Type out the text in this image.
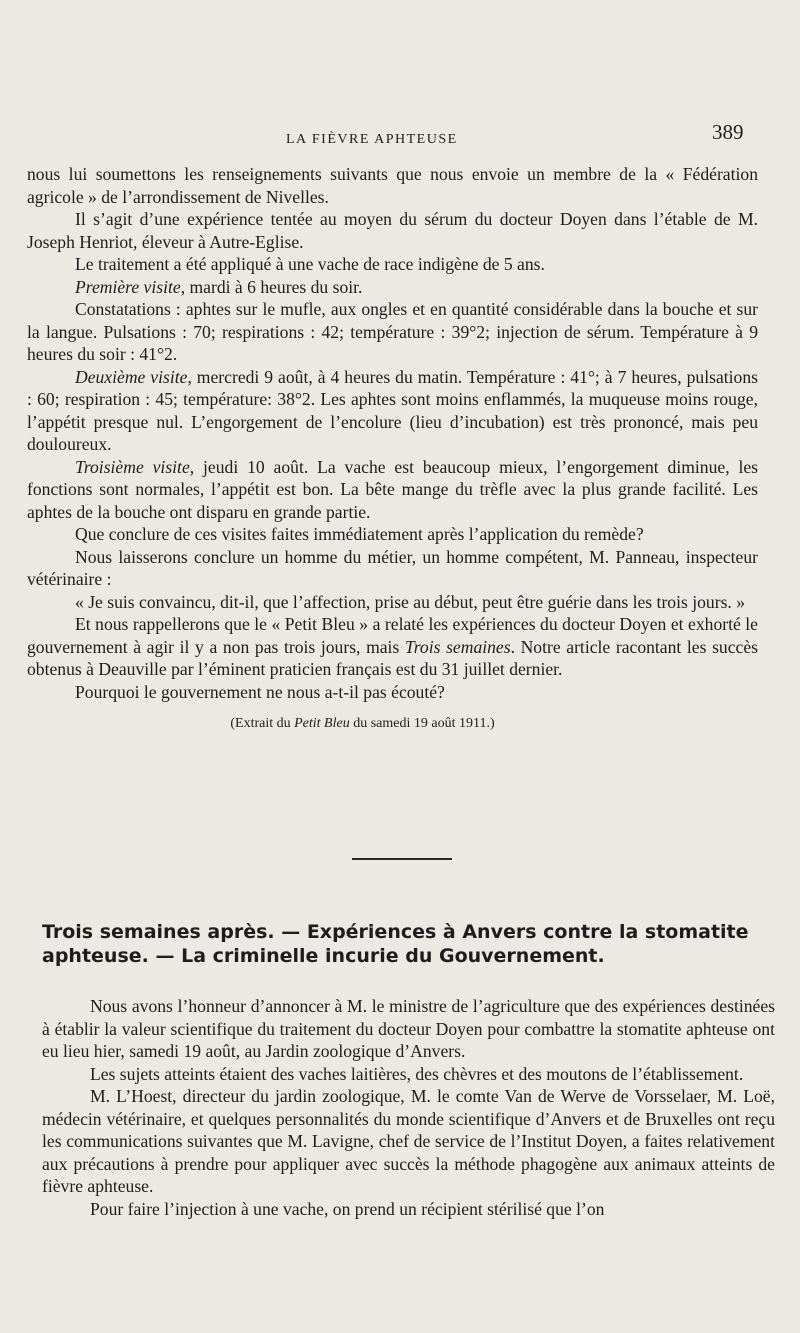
LA FIÈVRE APHTEUSE	389

nous lui soumettons les renseignements suivants que nous envoie un membre de la « Fédération agricole » de l’arrondissement de Nivelles.

Il s’agit d’une expérience tentée au moyen du sérum du docteur Doyen dans l’étable de M. Joseph Henriot, éleveur à Autre-Eglise.

Le traitement a été appliqué à une vache de race indigène de 5 ans.

Première visite, mardi à 6 heures du soir.

Constatations : aphtes sur le mufle, aux ongles et en quantité considérable dans la bouche et sur la langue. Pulsations : 70; respirations : 42; température : 39°2; injection de sérum. Température à 9 heures du soir : 41°2.

Deuxième visite, mercredi 9 août, à 4 heures du matin. Température : 41°; à 7 heures, pulsations : 60; respiration : 45; température: 38°2. Les aphtes sont moins enflammés, la muqueuse moins rouge, l’appétit presque nul. L’engorgement de l’encolure (lieu d’incubation) est très prononcé, mais peu douloureux.

Troisième visite, jeudi 10 août. La vache est beaucoup mieux, l’engorgement diminue, les fonctions sont normales, l’appétit est bon. La bête mange du trèfle avec la plus grande facilité. Les aphtes de la bouche ont disparu en grande partie.

Que conclure de ces visites faites immédiatement après l’application du remède?

Nous laisserons conclure un homme du métier, un homme compétent, M. Panneau, inspecteur vétérinaire :

« Je suis convaincu, dit-il, que l’affection, prise au début, peut être guérie dans les trois jours. »

Et nous rappellerons que le « Petit Bleu » a relaté les expériences du docteur Doyen et exhorté le gouvernement à agir il y a non pas trois jours, mais Trois semaines. Notre article racontant les succès obtenus à Deauville par l’éminent praticien français est du 31 juillet dernier.

Pourquoi le gouvernement ne nous a-t-il pas écouté?

(Extrait du Petit Bleu du samedi 19 août 1911.)

Trois semaines après. — Expériences à Anvers contre la stomatite aphteuse. — La criminelle incurie du Gouvernement.

Nous avons l’honneur d’annoncer à M. le ministre de l’agriculture que des expériences destinées à établir la valeur scientifique du traitement du docteur Doyen pour combattre la stomatite aphteuse ont eu lieu hier, samedi 19 août, au Jardin zoologique d’Anvers.

Les sujets atteints étaient des vaches laitières, des chèvres et des moutons de l’établissement.

M. L’Hoest, directeur du jardin zoologique, M. le comte Van de Werve de Vorsselaer, M. Loë, médecin vétérinaire, et quelques personnalités du monde scientifique d’Anvers et de Bruxelles ont reçu les communications suivantes que M. Lavigne, chef de service de l’Institut Doyen, a faites relativement aux précautions à prendre pour appliquer avec succès la méthode phagogène aux animaux atteints de fièvre aphteuse.

Pour faire l’injection à une vache, on prend un récipient stérilisé que l’on
